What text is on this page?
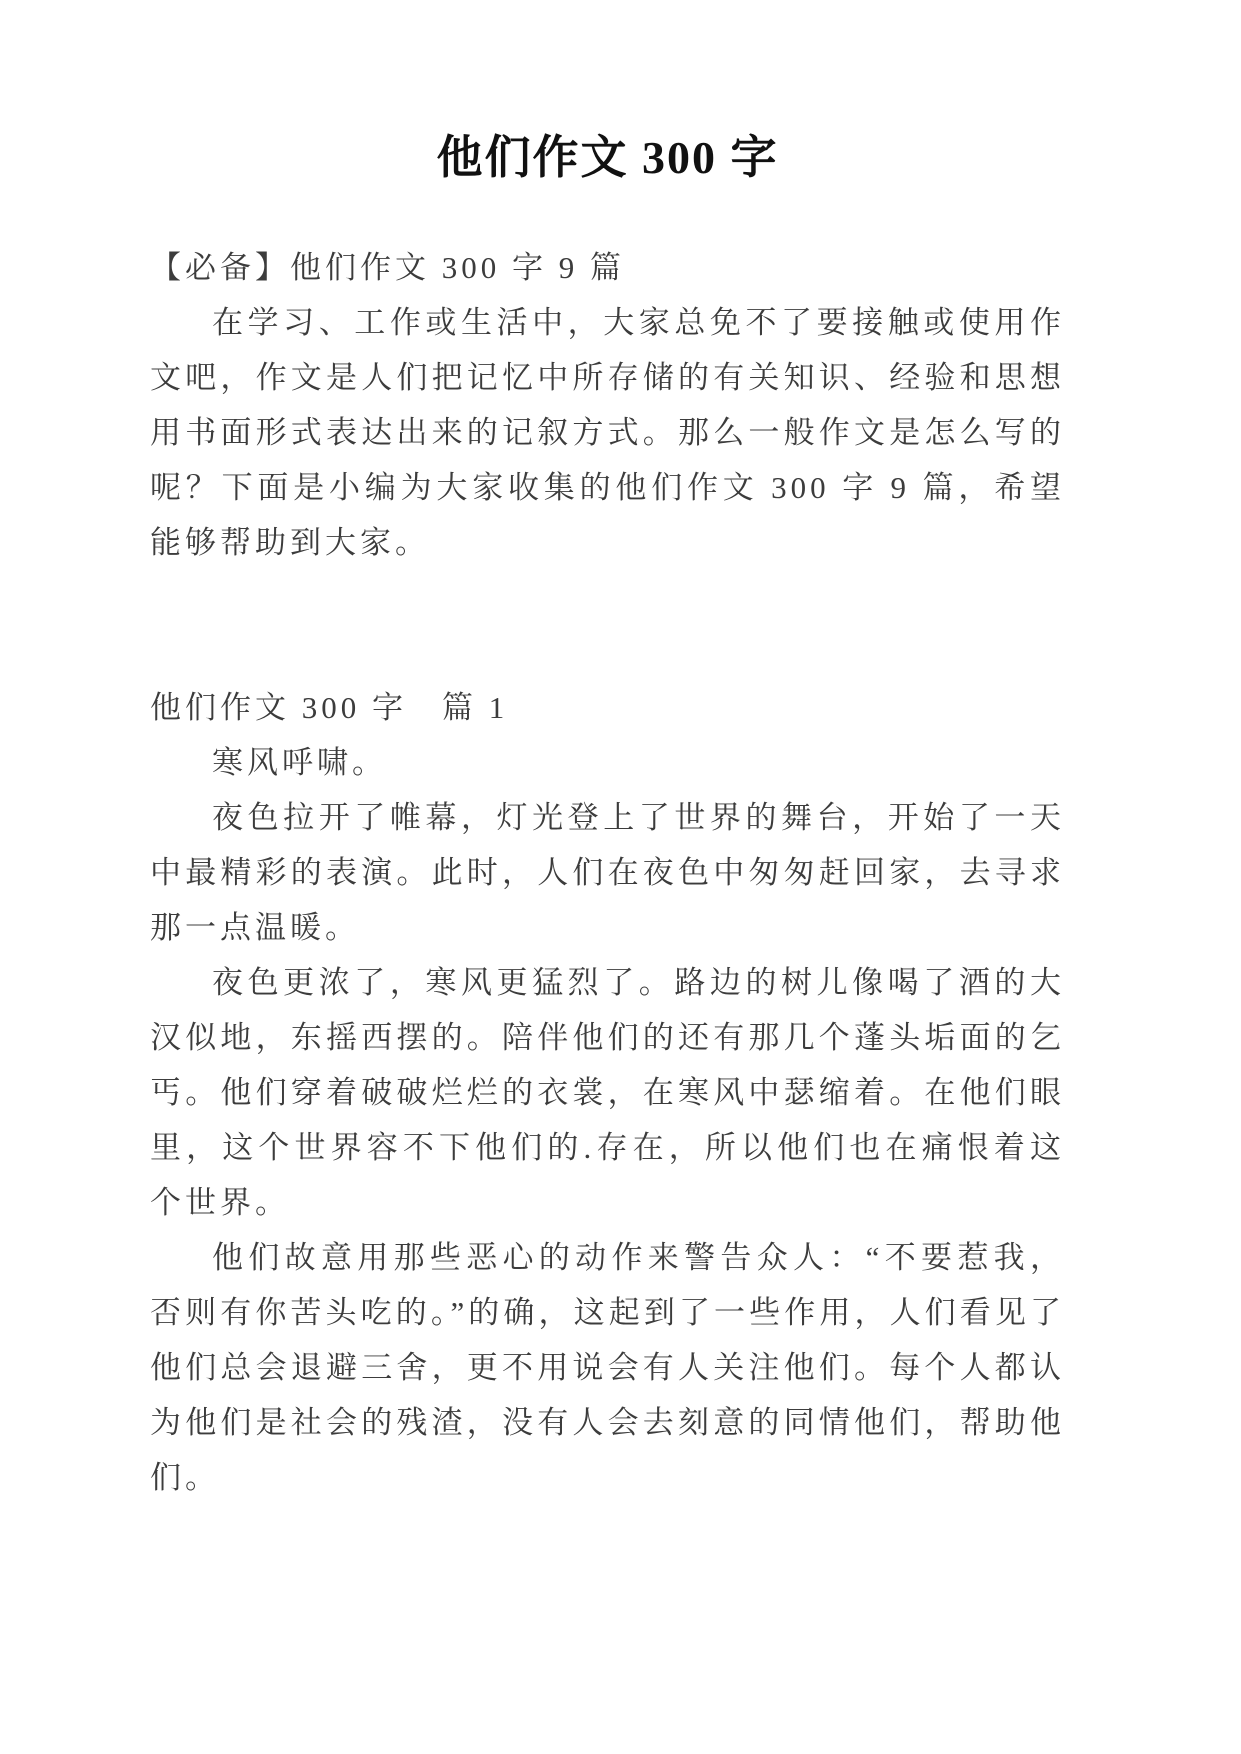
他们作文 300 字

【必备】他们作文 300 字 9 篇

在学习、工作或生活中，大家总免不了要接触或使用作文吧，作文是人们把记忆中所存储的有关知识、经验和思想用书面形式表达出来的记叙方式。那么一般作文是怎么写的呢？下面是小编为大家收集的他们作文 300 字 9 篇，希望能够帮助到大家。

他们作文 300 字　篇 1

寒风呼啸。

夜色拉开了帷幕，灯光登上了世界的舞台，开始了一天中最精彩的表演。此时，人们在夜色中匆匆赶回家，去寻求那一点温暖。

夜色更浓了，寒风更猛烈了。路边的树儿像喝了酒的大汉似地，东摇西摆的。陪伴他们的还有那几个蓬头垢面的乞丐。他们穿着破破烂烂的衣裳，在寒风中瑟缩着。在他们眼里，这个世界容不下他们的.存在，所以他们也在痛恨着这个世界。

他们故意用那些恶心的动作来警告众人：“不要惹我，否则有你苦头吃的。”的确，这起到了一些作用，人们看见了他们总会退避三舍，更不用说会有人关注他们。每个人都认为他们是社会的残渣，没有人会去刻意的同情他们，帮助他们。
